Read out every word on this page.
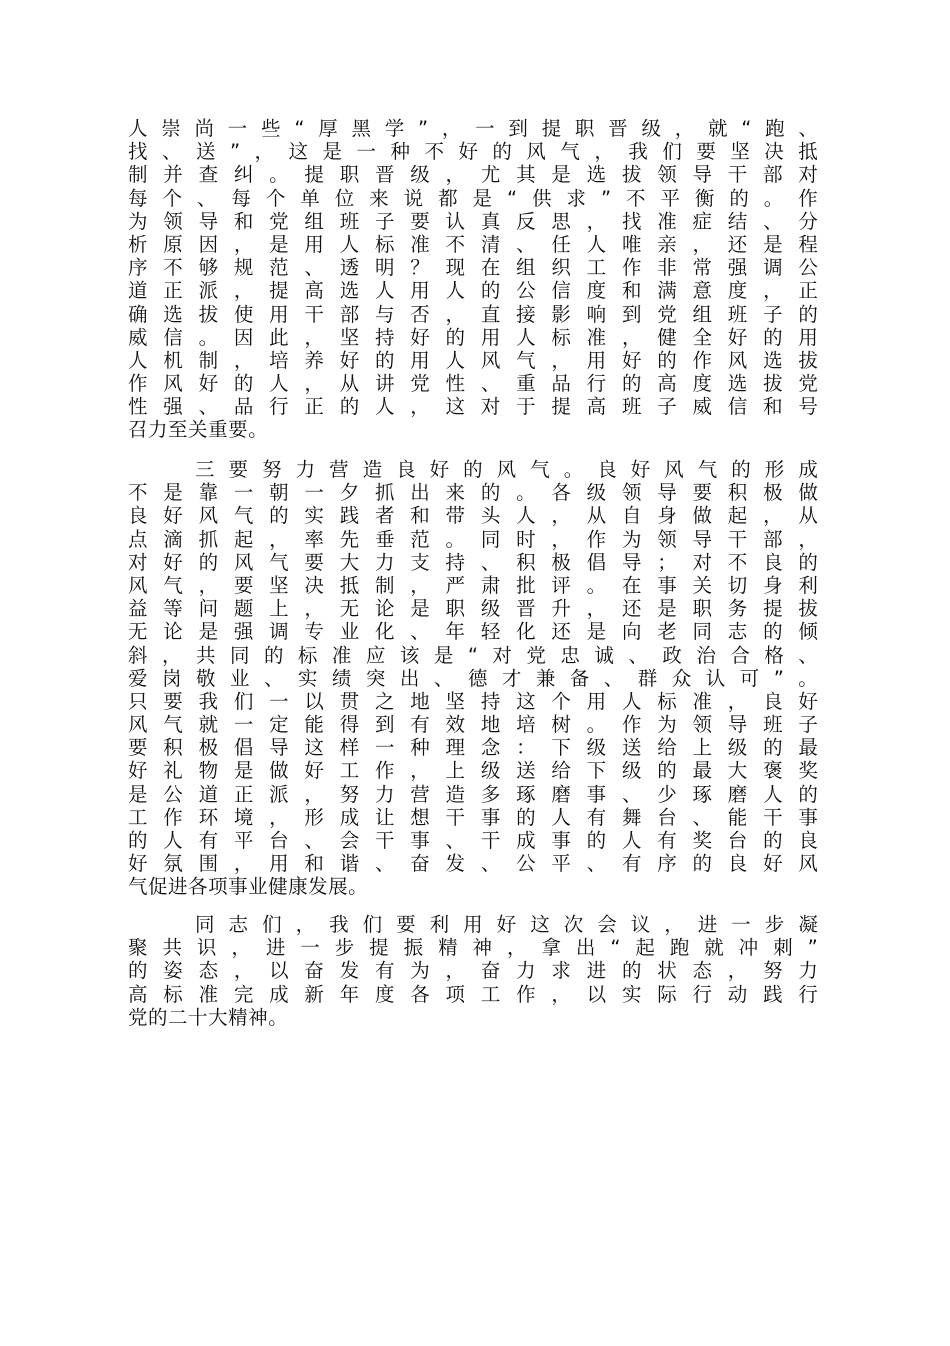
人 崇 尚 一 些 “ 厚 黑 学 ” ， 一 到 提 职 晋 级 ， 就 “ 跑 、
找 、 送 ” ， 这 是 一 种 不 好 的 风 气 ， 我 们 要 坚 决 抵
制 并 查 纠 。 提 职 晋 级 ， 尤 其 是 选 拔 领 导 干 部 对
每 个 、 每 个 单 位 来 说 都 是 “ 供 求 ” 不 平 衡 的 。 作
为 领 导 和 党 组 班 子 要 认 真 反 思 ， 找 准 症 结 、 分
析 原 因 ， 是 用 人 标 准 不 清 、 任 人 唯 亲 ， 还 是 程
序 不 够 规 范 、 透 明 ？ 现 在 组 织 工 作 非 常 强 调 公
道 正 派 ， 提 高 选 人 用 人 的 公 信 度 和 满 意 度 ， 正
确 选 拔 使 用 干 部 与 否 ， 直 接 影 响 到 党 组 班 子 的
威 信 。 因 此 ， 坚 持 好 的 用 人 标 准 ， 健 全 好 的 用
人 机 制 ， 培 养 好 的 用 人 风 气 ， 用 好 的 作 风 选 拔
作 风 好 的 人 ， 从 讲 党 性 、 重 品 行 的 高 度 选 拔 党
性 强 、 品 行 正 的 人 ， 这 对 于 提 高 班 子 威 信 和 号
召 力 至 关 重 要 。

三 要 努 力 营 造 良 好 的 风 气 。 良 好 风 气 的 形 成
不 是 靠 一 朝 一 夕 抓 出 来 的 。 各 级 领 导 要 积 极 做
良 好 风 气 的 实 践 者 和 带 头 人 ， 从 自 身 做 起 ， 从
点 滴 抓 起 ， 率 先 垂 范 。 同 时 ， 作 为 领 导 干 部 ，
对 好 的 风 气 要 大 力 支 持 、 积 极 倡 导 ； 对 不 良 的
风 气 ， 要 坚 决 抵 制 ， 严 肃 批 评 。 在 事 关 切 身 利
益 等 问 题 上 ， 无 论 是 职 级 晋 升 ， 还 是 职 务 提 拔
无 论 是 强 调 专 业 化 、 年 轻 化 还 是 向 老 同 志 的 倾
斜 ， 共 同 的 标 准 应 该 是 “ 对 党 忠 诚 、 政 治 合 格 、
爱 岗 敬 业 、 实 绩 突 出 、 德 才 兼 备 、 群 众 认 可 ” 。
只 要 我 们 一 以 贯 之 地 坚 持 这 个 用 人 标 准 ， 良 好
风 气 就 一 定 能 得 到 有 效 地 培 树 。 作 为 领 导 班 子
要 积 极 倡 导 这 样 一 种 理 念 ： 下 级 送 给 上 级 的 最
好 礼 物 是 做 好 工 作 ， 上 级 送 给 下 级 的 最 大 褒 奖
是 公 道 正 派 ， 努 力 营 造 多 琢 磨 事 、 少 琢 磨 人 的
工 作 环 境 ， 形 成 让 想 干 事 的 人 有 舞 台 、 能 干 事
的 人 有 平 台 、 会 干 事 、 干 成 事 的 人 有 奖 台 的 良
好 氛 围 ， 用 和 谐 、 奋 发 、 公 平 、 有 序 的 良 好 风
气 促 进 各 项 事 业 健 康 发 展 。

同 志 们 ， 我 们 要 利 用 好 这 次 会 议 ， 进 一 步 凝
聚 共 识 ， 进 一 步 提 振 精 神 ， 拿 出 “ 起 跑 就 冲 刺 ”
的 姿 态 ， 以 奋 发 有 为 ， 奋 力 求 进 的 状 态 ， 努 力
高 标 准 完 成 新 年 度 各 项 工 作 ， 以 实 际 行 动 践 行
党 的 二 十 大 精 神 。
